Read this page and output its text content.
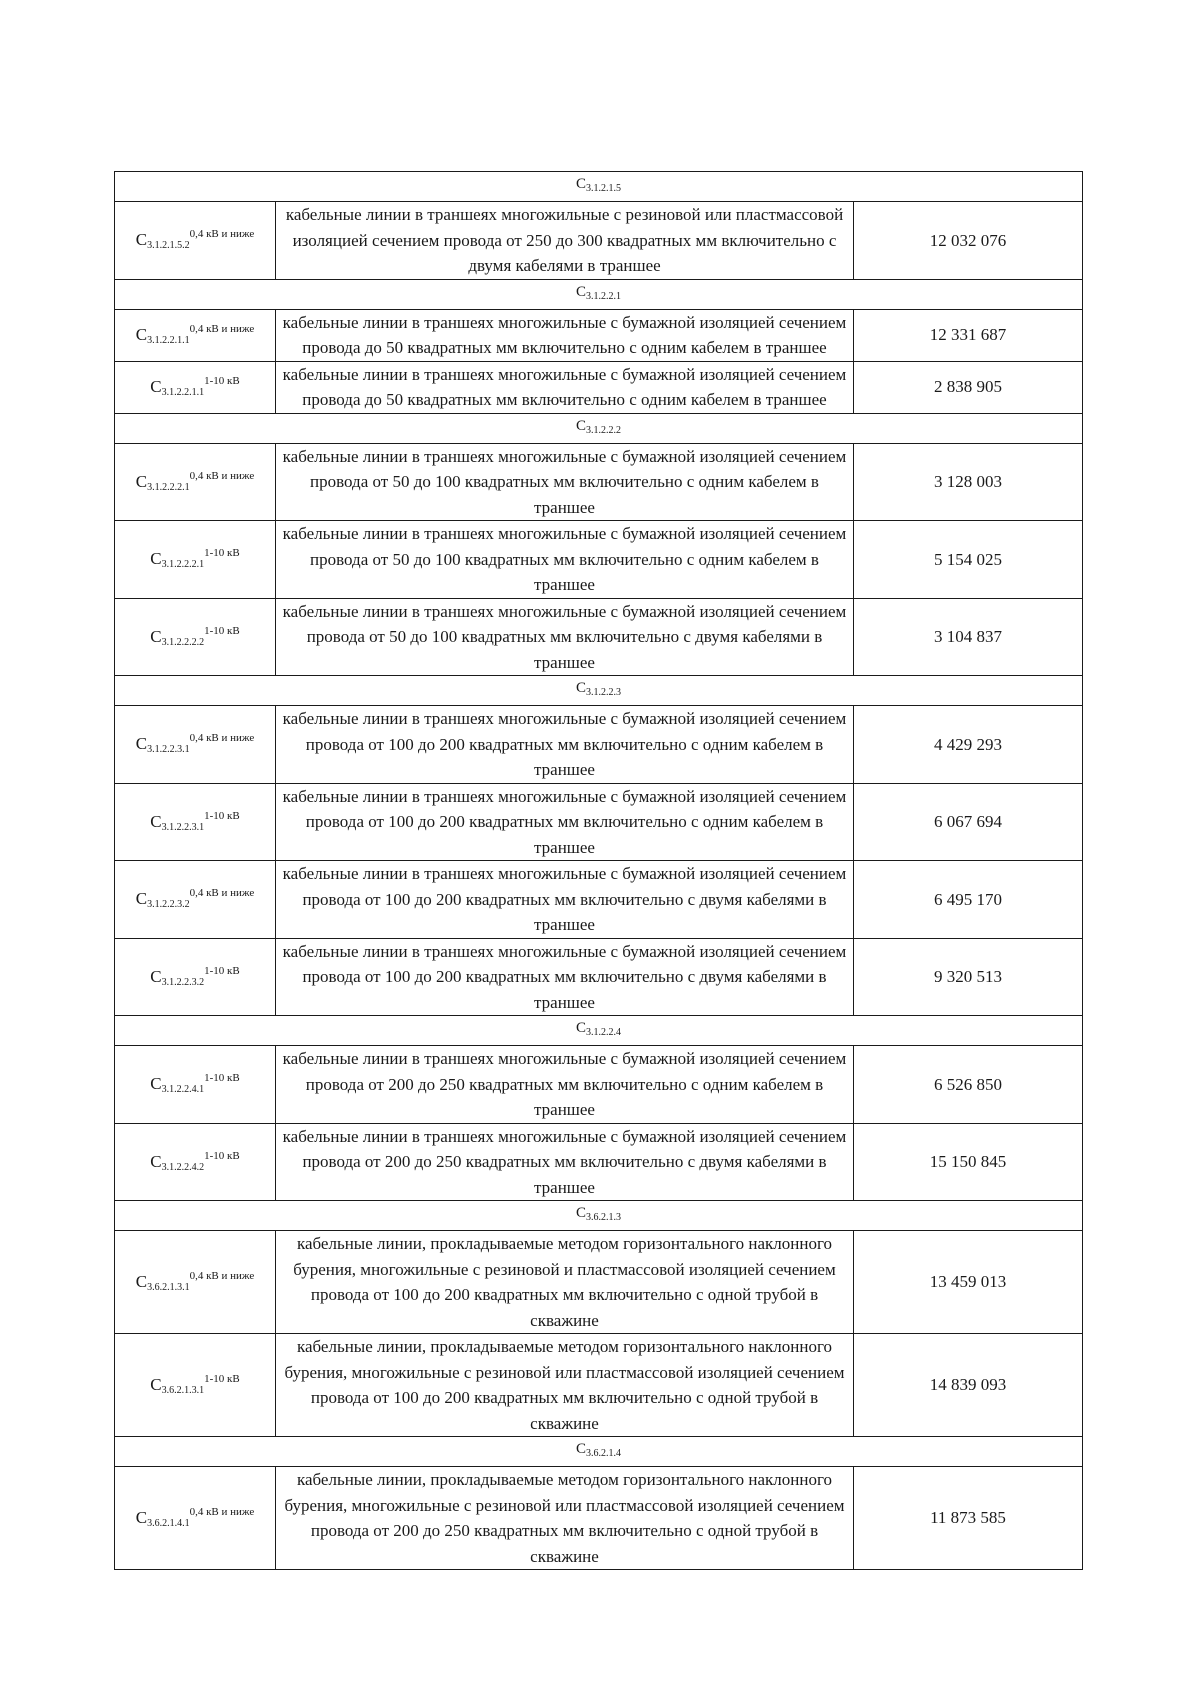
$С_{3.1.2.1.5}$
$С_{3.1.2.1.5.2}^{0,4 кВ и ниже}$	кабельные линии в траншеях многожильные с резиновой или пластмассовой изоляцией сечением провода от 250 до 300 квадратных мм включительно с двумя кабелями в траншее	12 032 076
$С_{3.1.2.2.1}$
$С_{3.1.2.2.1.1}^{0,4 кВ и ниже}$	кабельные линии в траншеях многожильные с бумажной изоляцией сечением провода до 50 квадратных мм включительно с одним кабелем в траншее	12 331 687
$С_{3.1.2.2.1.1}^{1-10 кВ}$	кабельные линии в траншеях многожильные с бумажной изоляцией сечением провода до 50 квадратных мм включительно с одним кабелем в траншее	2 838 905
$С_{3.1.2.2.2}$
$С_{3.1.2.2.2.1}^{0,4 кВ и ниже}$	кабельные линии в траншеях многожильные с бумажной изоляцией сечением провода от 50 до 100 квадратных мм включительно с одним кабелем в траншее	3 128 003
$С_{3.1.2.2.2.1}^{1-10 кВ}$	кабельные линии в траншеях многожильные с бумажной изоляцией сечением провода от 50 до 100 квадратных мм включительно с одним кабелем в траншее	5 154 025
$С_{3.1.2.2.2.2}^{1-10 кВ}$	кабельные линии в траншеях многожильные с бумажной изоляцией сечением провода от 50 до 100 квадратных мм включительно с двумя кабелями в траншее	3 104 837
$С_{3.1.2.2.3}$
$С_{3.1.2.2.3.1}^{0,4 кВ и ниже}$	кабельные линии в траншеях многожильные с бумажной изоляцией сечением провода от 100 до 200 квадратных мм включительно с одним кабелем в траншее	4 429 293
$С_{3.1.2.2.3.1}^{1-10 кВ}$	кабельные линии в траншеях многожильные с бумажной изоляцией сечением провода от 100 до 200 квадратных мм включительно с одним кабелем в траншее	6 067 694
$С_{3.1.2.2.3.2}^{0,4 кВ и ниже}$	кабельные линии в траншеях многожильные с бумажной изоляцией сечением провода от 100 до 200 квадратных мм включительно с двумя кабелями в траншее	6 495 170
$С_{3.1.2.2.3.2}^{1-10 кВ}$	кабельные линии в траншеях многожильные с бумажной изоляцией сечением провода от 100 до 200 квадратных мм включительно с двумя кабелями в траншее	9 320 513
$С_{3.1.2.2.4}$
$С_{3.1.2.2.4.1}^{1-10 кВ}$	кабельные линии в траншеях многожильные с бумажной изоляцией сечением провода от 200 до 250 квадратных мм включительно с одним кабелем в траншее	6 526 850
$С_{3.1.2.2.4.2}^{1-10 кВ}$	кабельные линии в траншеях многожильные с бумажной изоляцией сечением провода от 200 до 250 квадратных мм включительно с двумя кабелями в траншее	15 150 845
$С_{3.6.2.1.3}$
$С_{3.6.2.1.3.1}^{0,4 кВ и ниже}$	кабельные линии, прокладываемые методом горизонтального наклонного бурения, многожильные с резиновой и пластмассовой изоляцией сечением провода от 100 до 200 квадратных мм включительно с одной трубой в скважине	13 459 013
$С_{3.6.2.1.3.1}^{1-10 кВ}$	кабельные линии, прокладываемые методом горизонтального наклонного бурения, многожильные с резиновой или пластмассовой изоляцией сечением провода от 100 до 200 квадратных мм включительно с одной трубой в скважине	14 839 093
$С_{3.6.2.1.4}$
$С_{3.6.2.1.4.1}^{0,4 кВ и ниже}$	кабельные линии, прокладываемые методом горизонтального наклонного бурения, многожильные с резиновой или пластмассовой изоляцией сечением провода от 200 до 250 квадратных мм включительно с одной трубой в скважине	11 873 585
